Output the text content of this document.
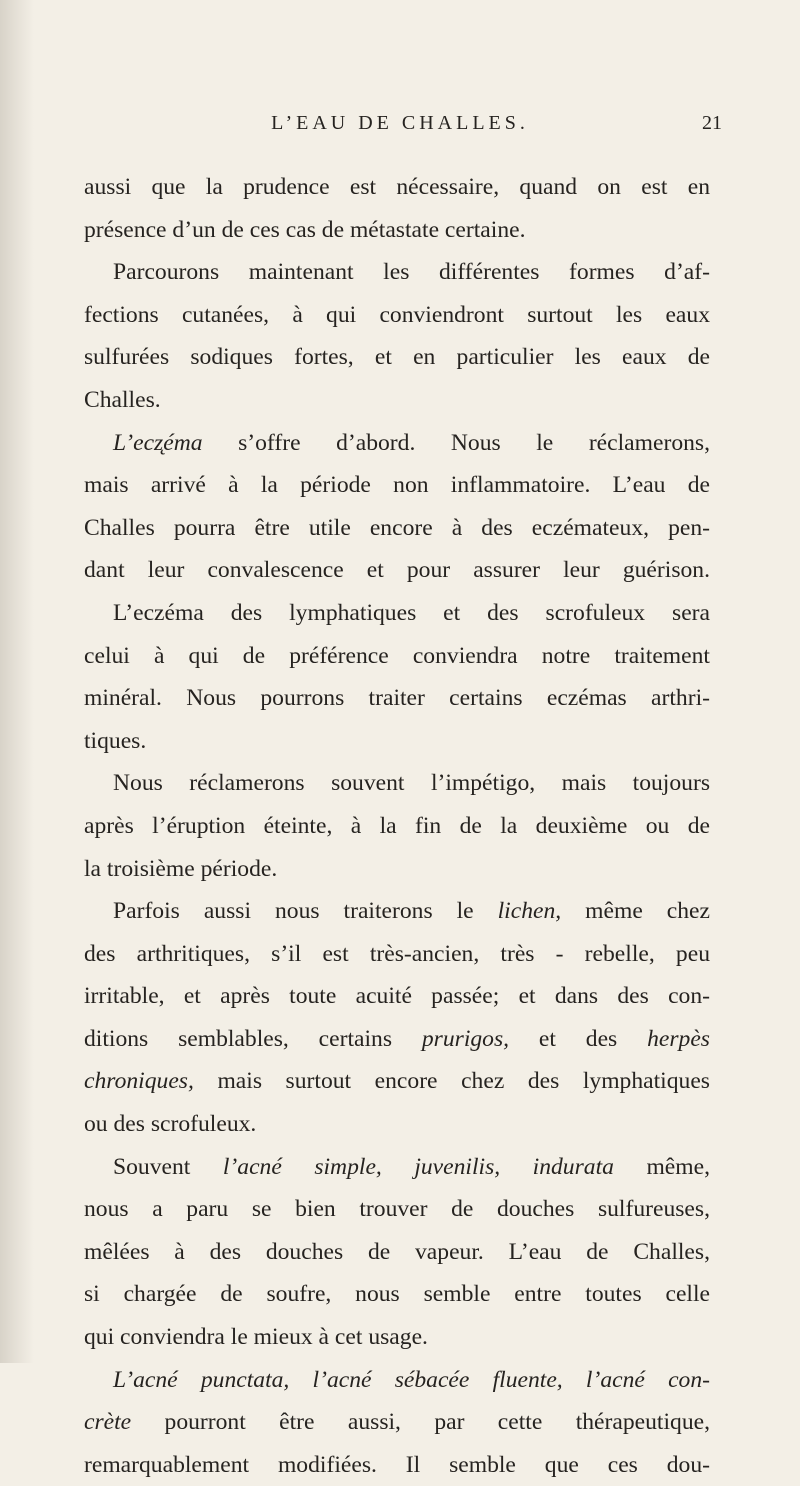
L’EAU DE CHALLES.	21
aussi que la prudence est nécessaire, quand on est en
présence d’un de ces cas de métastate certaine.
Parcourons maintenant les différentes formes d’af-
fections cutanées, à qui conviendront surtout les eaux
sulfurées sodiques fortes, et en particulier les eaux de
Challes.
L’ecz̨éma s’offre d’abord. Nous le réclamerons,
mais arrivé à la période non inflammatoire. L’eau de
Challes pourra être utile encore à des eczémateux, pen-
dant leur convalescence et pour assurer leur guérison.
L’eczéma des lymphatiques et des scrofuleux sera
celui à qui de préférence conviendra notre traitement
minéral. Nous pourrons traiter certains eczémas arthri-
tiques.
Nous réclamerons souvent l’impétigo, mais toujours
après l’éruption éteinte, à la fin de la deuxième ou de
la troisième période.
Parfois aussi nous traiterons le lichen, même chez
des arthritiques, s’il est très-ancien, très - rebelle, peu
irritable, et après toute acuité passée; et dans des con-
ditions semblables, certains prurigos, et des herpès
chroniques, mais surtout encore chez des lymphatiques
ou des scrofuleux.
Souvent l’acné simple, juvenilis, indurata même,
nous a paru se bien trouver de douches sulfureuses,
mêlées à des douches de vapeur. L’eau de Challes,
si chargée de soufre, nous semble entre toutes celle
qui conviendra le mieux à cet usage.
L’acné punctata, l’acné sébacée fluente, l’acné con-
crète pourront être aussi, par cette thérapeutique,
remarquablement modifiées. Il semble que ces dou-
